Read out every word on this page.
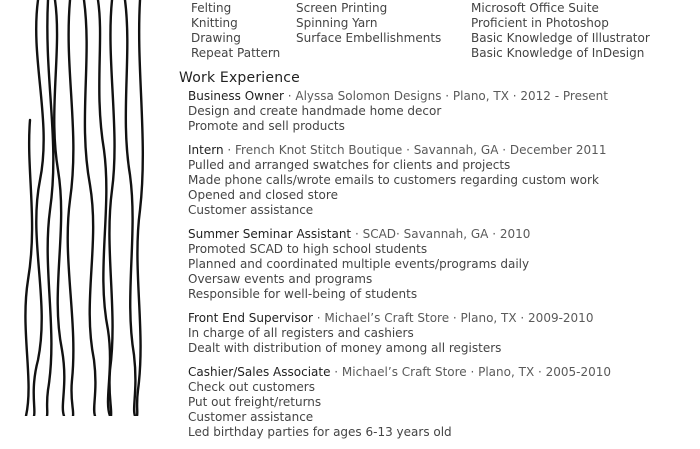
Felting
Knitting
Drawing
Repeat Pattern
Screen Printing
Spinning Yarn
Surface Embellishments
Microsoft Office Suite
Proficient in Photoshop
Basic Knowledge of Illustrator
Basic Knowledge of InDesign
Work Experience
Business Owner · Alyssa Solomon Designs · Plano, TX · 2012 - Present
Design and create handmade home decor
Promote and sell products
Intern · French Knot Stitch Boutique · Savannah, GA · December 2011
Pulled and arranged swatches for clients and projects
Made phone calls/wrote emails to customers regarding custom work
Opened and closed store
Customer assistance
Summer Seminar Assistant · SCAD· Savannah, GA · 2010
Promoted SCAD to high school students
Planned and coordinated multiple events/programs daily
Oversaw events and programs
Responsible for well-being of students
Front End Supervisor · Michael’s Craft Store · Plano, TX · 2009-2010
In charge of all registers and cashiers
Dealt with distribution of money among all registers
Cashier/Sales Associate · Michael’s Craft Store · Plano, TX · 2005-2010
Check out customers
Put out freight/returns
Customer assistance
Led birthday parties for ages 6-13 years old
